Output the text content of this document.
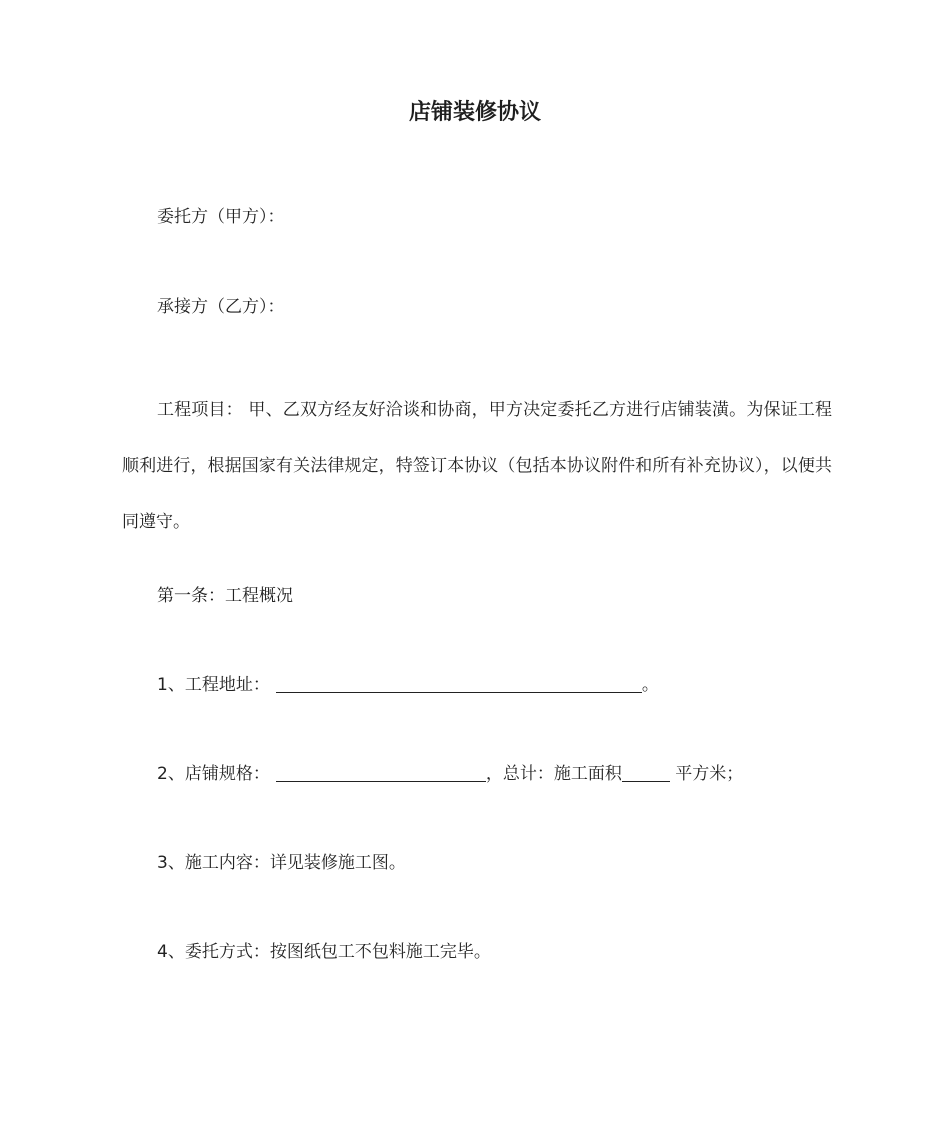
店铺装修协议
委托方（甲方）：
承接方（乙方）：
工程项目： 甲、乙双方经友好洽谈和协商，甲方决定委托乙方进行店铺装潢。为保证工程顺利进行，根据国家有关法律规定，特签订本协议（包括本协议附件和所有补充协议），以便共同遵守。
第一条：工程概况
1、工程地址：	。
2、店铺规格：	，总计：施工面积	平方米；
3、施工内容：详见装修施工图。
4、委托方式：按图纸包工不包料施工完毕。
